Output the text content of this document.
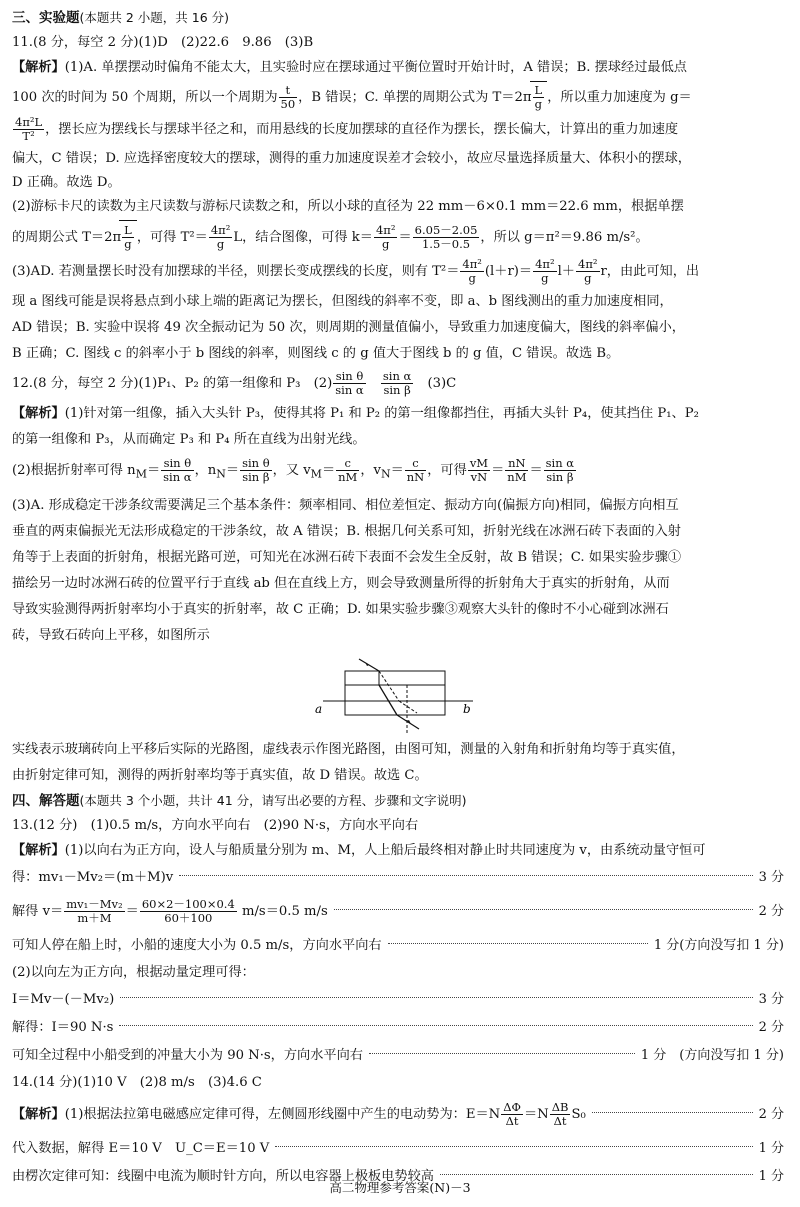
三、实验题(本题共 2 小题，共 16 分)

11.(8 分，每空 2 分)(1)D　(2)22.6　9.86　(3)B

【解析】(1)A. 单摆摆动时偏角不能太大，且实验时应在摆球通过平衡位置时开始计时，A 错误；B. 摆球经过最低点

100 次的时间为 50 个周期，所以一个周期为 $\frac{t}{50}$ ，B 错误；C. 单摆的周期公式为 $T=2\pi \frac{L}{g}$ ，所以重力加速度为 g＝

$\frac{\text{4π²L}}{\text{T²}}$ ，摆长应为摆线长与摆球半径之和，而用悬线的长度加摆球的直径作为摆长，摆长偏大，计算出的重力加速度

偏大，C 错误；D. 应选择密度较大的摆球，测得的重力加速度误差才会较小，故应尽量选择质量大、体积小的摆球，

D 正确。故选 D。

(2)游标卡尺的读数为主尺读数与游标尺读数之和，所以小球的直径为 22 mm－6×0.1 mm＝22.6 mm，根据单摆

的周期公式 $T=2\pi \frac{L}{g}$ ，可得 $T^2= \frac{\text{4π²}}{g}$ L，结合图像，可得 $k= \frac{\text{4π²}}{g} = \frac{6.05-2.05}{1.5-0.5}$ ，所以 g＝π²＝9.86 m/s²。

(3)AD. 若测量摆长时没有加摆球的半径，则摆长变成摆线的长度，则有 $T^2= \frac{\text{4π²}}{g} (l+r)= \frac{\text{4π²}}{g} l+ \frac{\text{4π²}}{g}$ r，由此可知，出

现 a 图线可能是误将悬点到小球上端的距离记为摆长，但图线的斜率不变，即 a、b 图线测出的重力加速度相同，

AD 错误；B. 实验中误将 49 次全振动记为 50 次，则周期的测量值偏小，导致重力加速度偏大，图线的斜率偏小，

B 正确；C. 图线 c 的斜率小于 b 图线的斜率，则图线 c 的 g 值大于图线 b 的 g 值，C 错误。故选 B。

12.(8 分，每空 2 分)(1)P₁、P₂ 的第一组像和 P₃　$(2) \frac{\text{sin θ}}{\text{sin α}}$
　 $\frac{\text{sin α}}{\text{sin β}}$ 　(3)C

【解析】(1)针对第一组像，插入大头针 P₃，使得其将 P₁ 和 P₂ 的第一组像都挡住，再插大头针 P₄，使其挡住 P₁、P₂

的第一组像和 P₃，从而确定 P₃ 和 P₄ 所在直线为出射光线。

(2)根据折射率可得 $n_M= \frac{\text{sin θ}}{\text{sin α}}$ ，$n_N= \frac{\text{sin θ}}{\text{sin β}}$ ，又 $v_M= \frac{c}{nM}$ ，$v_N= \frac{c}{nN}$ ，可得 $\frac{vM}{vN} = \frac{nN}{nM} = \frac{\text{sin α}}{\text{sin β}}$

(3)A. 形成稳定干涉条纹需要满足三个基本条件：频率相同、相位差恒定、振动方向(偏振方向)相同，偏振方向相互

垂直的两束偏振光无法形成稳定的干涉条纹，故 A 错误；B. 根据几何关系可知，折射光线在冰洲石砖下表面的入射

角等于上表面的折射角，根据光路可逆，可知光在冰洲石砖下表面不会发生全反射，故 B 错误；C. 如果实验步骤①

描绘另一边时冰洲石砖的位置平行于直线 ab 但在直线上方，则会导致测量所得的折射角大于真实的折射角，从而

导致实验测得两折射率均小于真实的折射率，故 C 正确；D. 如果实验步骤③观察大头针的像时不小心碰到冰洲石

砖，导致石砖向上平移，如图所示

a	b

实线表示玻璃砖向上平移后实际的光路图，虚线表示作图光路图，由图可知，测量的入射角和折射角均等于真实值，

由折射定律可知，测得的两折射率均等于真实值，故 D 错误。故选 C。

四、解答题(本题共 3 个小题，共计 41 分，请写出必要的方程、步骤和文字说明)

13.(12 分)　(1)0.5 m/s，方向水平向右　(2)90 N·s，方向水平向右

【解析】(1)以向右为正方向，设人与船质量分别为 m、M，人上船后最终相对静止时共同速度为 v，由系统动量守恒可

得：mv₁－Mv₂＝(m＋M)v	3 分
解得 $v= \frac{\text{mv₁－Mv₂}}{m+M} = \frac{60\times 2-100\times 0.4}{60+100} m/s=0.5$ m/s	2 分
可知人停在船上时，小船的速度大小为 0.5 m/s，方向水平向右	1 分(方向没写扣 1 分)

(2)以向左为正方向，根据动量定理可得：

I＝Mv－(－Mv₂)	3 分
解得：I＝90 N·s	2 分
可知全过程中小船受到的冲量大小为 90 N·s，方向水平向右	1 分　(方向没写扣 1 分)

14.(14 分)(1)10 V　(2)8 m/s　(3)4.6 C

【解析】(1)根据法拉第电磁感应定律可得，左侧圆形线圈中产生的电动势为：$E=N \frac{\Delta\Phi}{\Delta t} =N \frac{\Delta B}{\Delta t} S_0$	2 分
代入数据，解得 E＝10 V　U_C＝E＝10 V	1 分
由楞次定律可知：线圈中电流为顺时针方向，所以电容器上极板电势较高	1 分
高二物理参考答案(N)－3
